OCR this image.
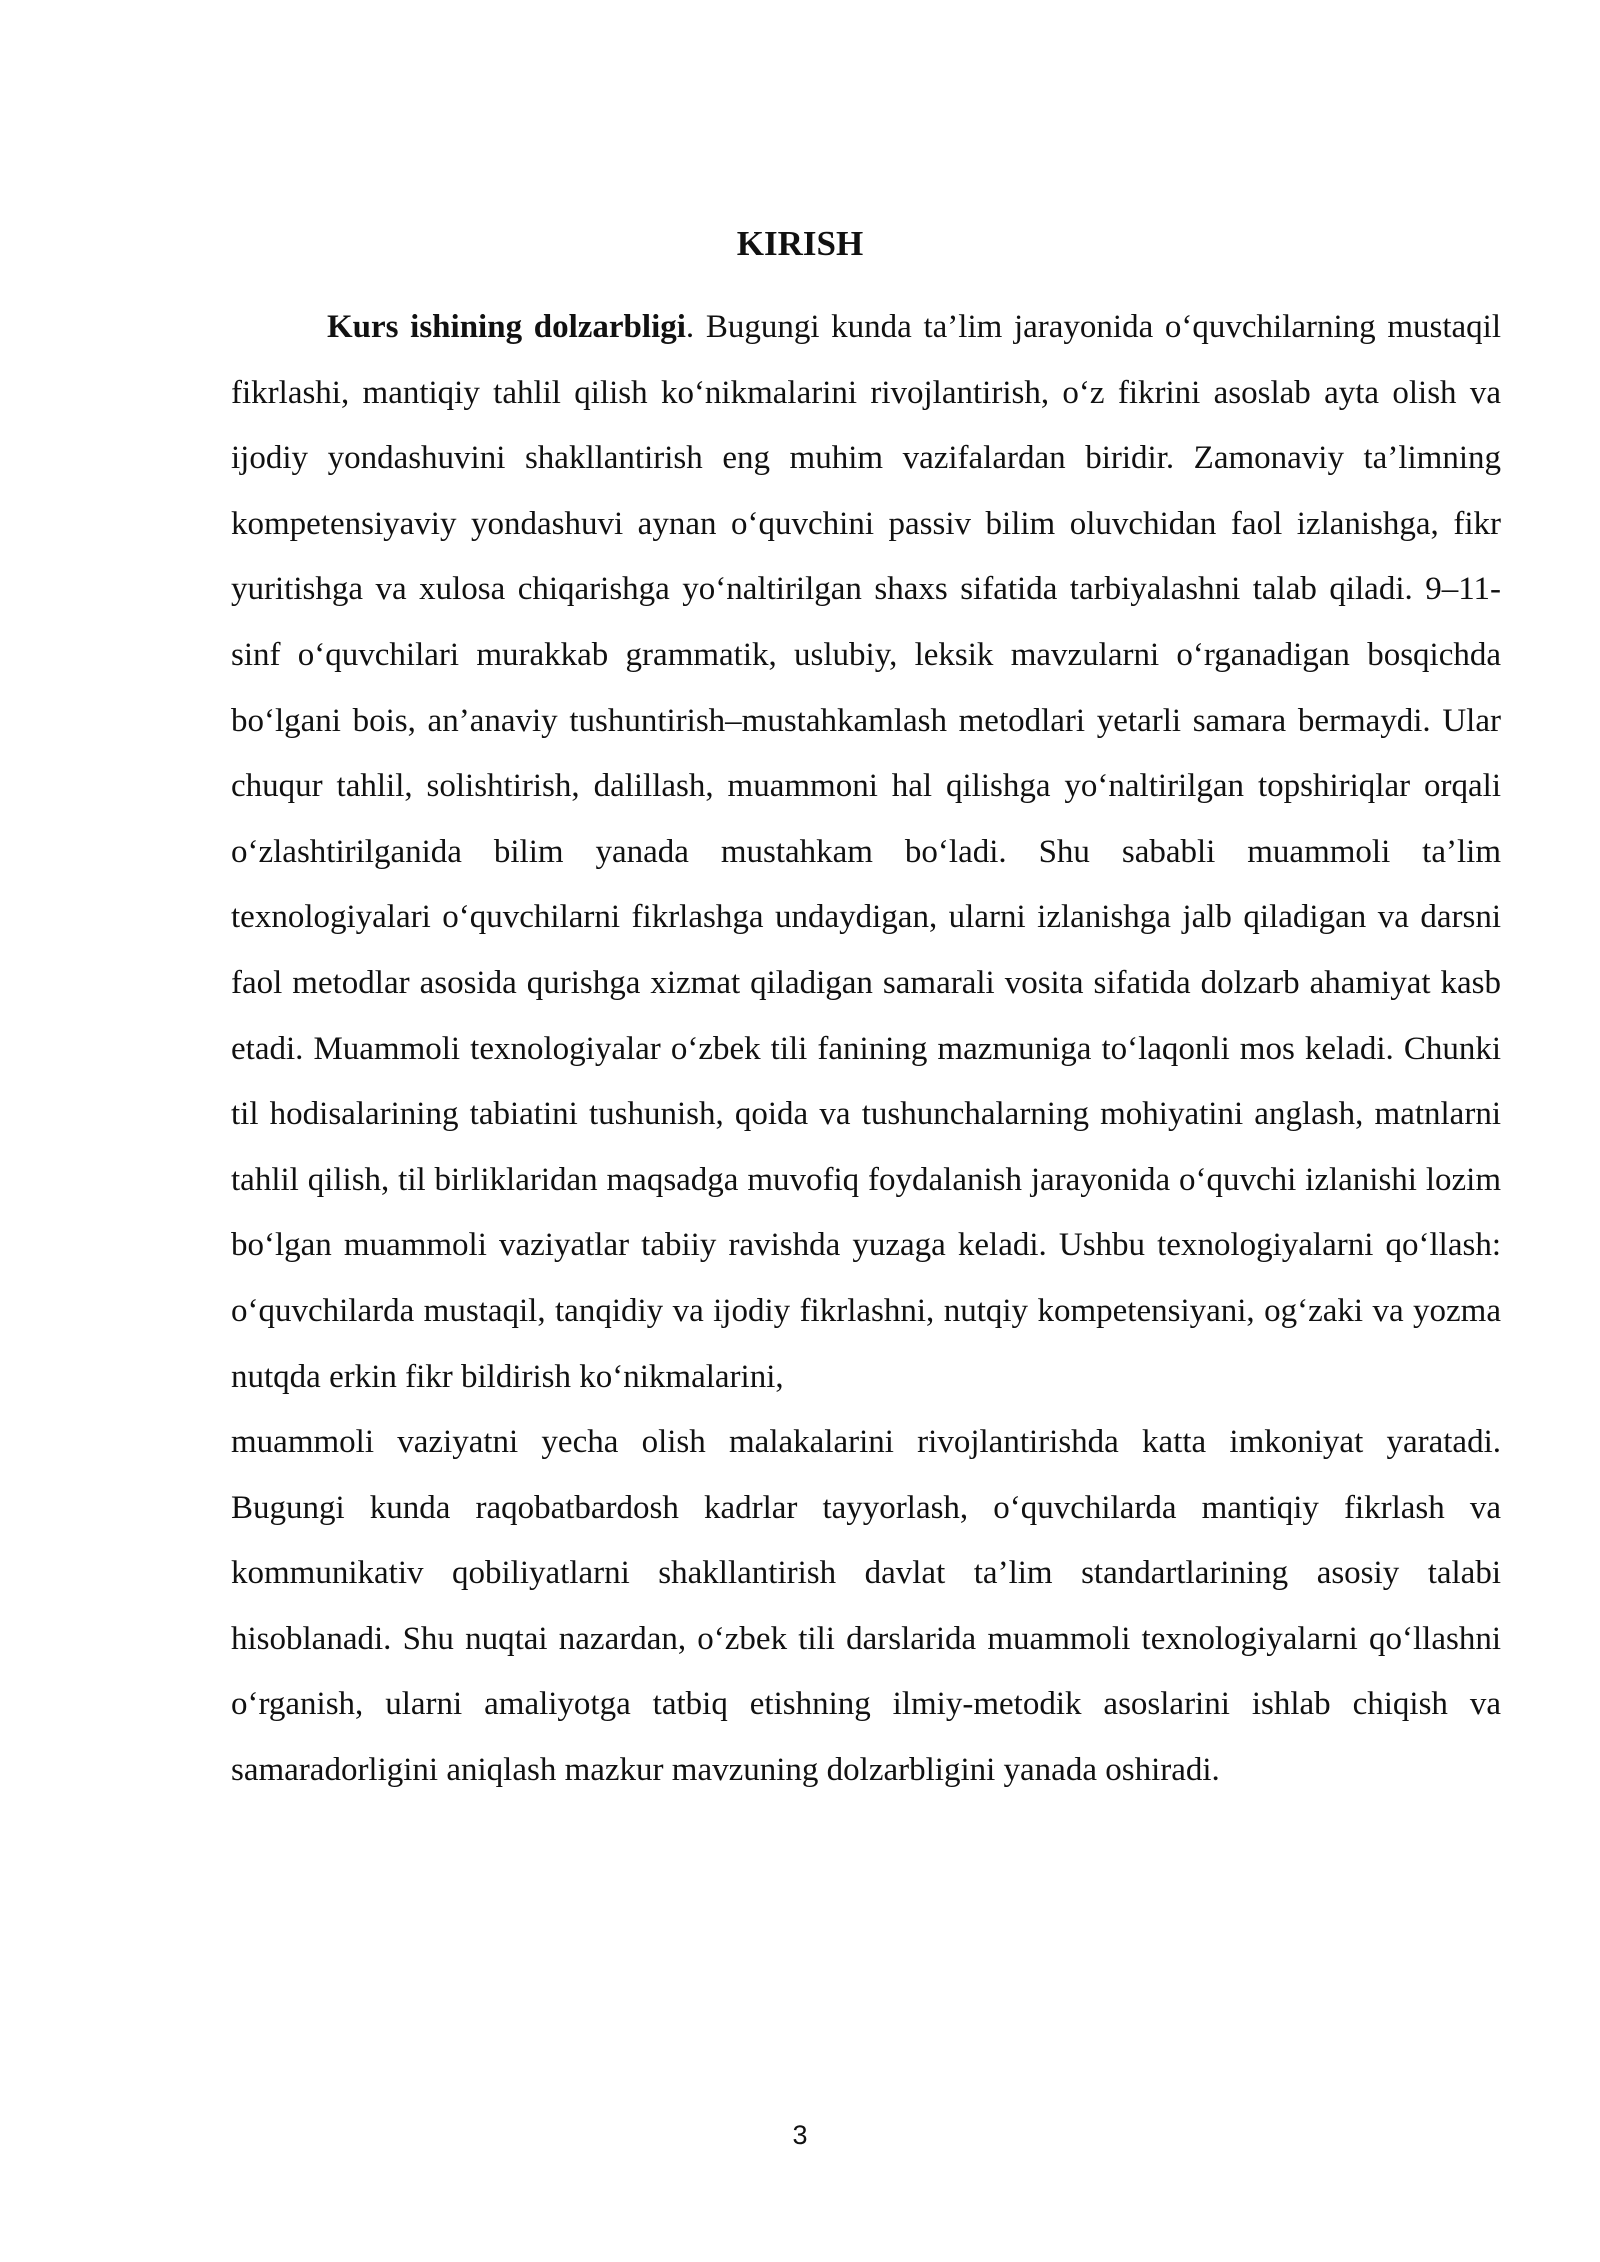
KIRISH

Kurs ishining dolzarbligi. Bugungi kunda ta’lim jarayonida o‘quvchilarning mustaqil fikrlashi, mantiqiy tahlil qilish ko‘nikmalarini rivojlantirish, o‘z fikrini asoslab ayta olish va ijodiy yondashuvini shakllantirish eng muhim vazifalardan biridir. Zamonaviy ta’limning kompetensiyaviy yondashuvi aynan o‘quvchini passiv bilim oluvchidan faol izlanishga, fikr yuritishga va xulosa chiqarishga yo‘naltirilgan shaxs sifatida tarbiyalashni talab qiladi. 9–11-sinf o‘quvchilari murakkab grammatik, uslubiy, leksik mavzularni o‘rganadigan bosqichda bo‘lgani bois, an’anaviy tushuntirish–mustahkamlash metodlari yetarli samara bermaydi. Ular chuqur tahlil, solishtirish, dalillash, muammoni hal qilishga yo‘naltirilgan topshiriqlar orqali o‘zlashtirilganida bilim yanada mustahkam bo‘ladi. Shu sababli muammoli ta’lim texnologiyalari o‘quvchilarni fikrlashga undaydigan, ularni izlanishga jalb qiladigan va darsni faol metodlar asosida qurishga xizmat qiladigan samarali vosita sifatida dolzarb ahamiyat kasb etadi. Muammoli texnologiyalar o‘zbek tili fanining mazmuniga to‘laqonli mos keladi. Chunki til hodisalarining tabiatini tushunish, qoida va tushunchalarning mohiyatini anglash, matnlarni tahlil qilish, til birliklaridan maqsadga muvofiq foydalanish jarayonida o‘quvchi izlanishi lozim bo‘lgan muammoli vaziyatlar tabiiy ravishda yuzaga keladi. Ushbu texnologiyalarni qo‘llash: o‘quvchilarda mustaqil, tanqidiy va ijodiy fikrlashni, nutqiy kompetensiyani, og‘zaki va yozma nutqda erkin fikr bildirish ko‘nikmalarini,

muammoli vaziyatni yecha olish malakalarini rivojlantirishda katta imkoniyat yaratadi. Bugungi kunda raqobatbardosh kadrlar tayyorlash, o‘quvchilarda mantiqiy fikrlash va kommunikativ qobiliyatlarni shakllantirish davlat ta’lim standartlarining asosiy talabi hisoblanadi. Shu nuqtai nazardan, o‘zbek tili darslarida muammoli texnologiyalarni qo‘llashni o‘rganish, ularni amaliyotga tatbiq etishning ilmiy-metodik asoslarini ishlab chiqish va samaradorligini aniqlash mazkur mavzuning dolzarbligini yanada oshiradi.

3
